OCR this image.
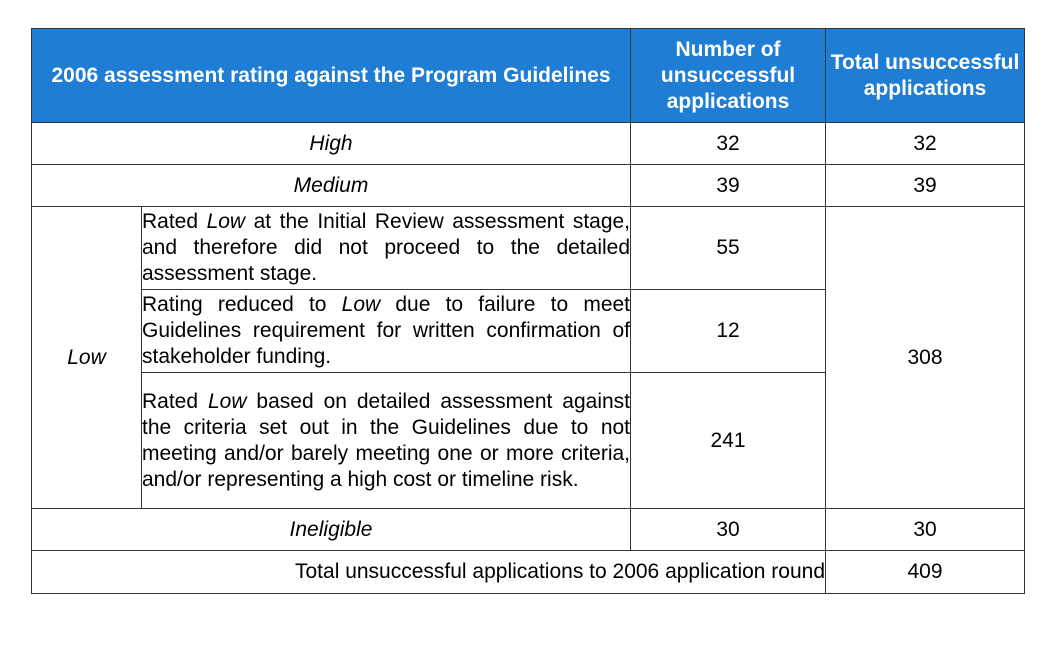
2006 assessment rating against the Program Guidelines		Number of unsuccessful applications	Total unsuccessful applications
High		32	32
Medium		39	39
Low	Rated Low at the Initial Review assessment stage, and therefore did not proceed to the detailed assessment stage.	55	308
	Rating reduced to Low due to failure to meet Guidelines requirement for written confirmation of stakeholder funding.	12	
	Rated Low based on detailed assessment against the criteria set out in the Guidelines due to not meeting and/or barely meeting one or more criteria, and/or representing a high cost or timeline risk.	241	
Ineligible		30	30
Total unsuccessful applications to 2006 application round			409
